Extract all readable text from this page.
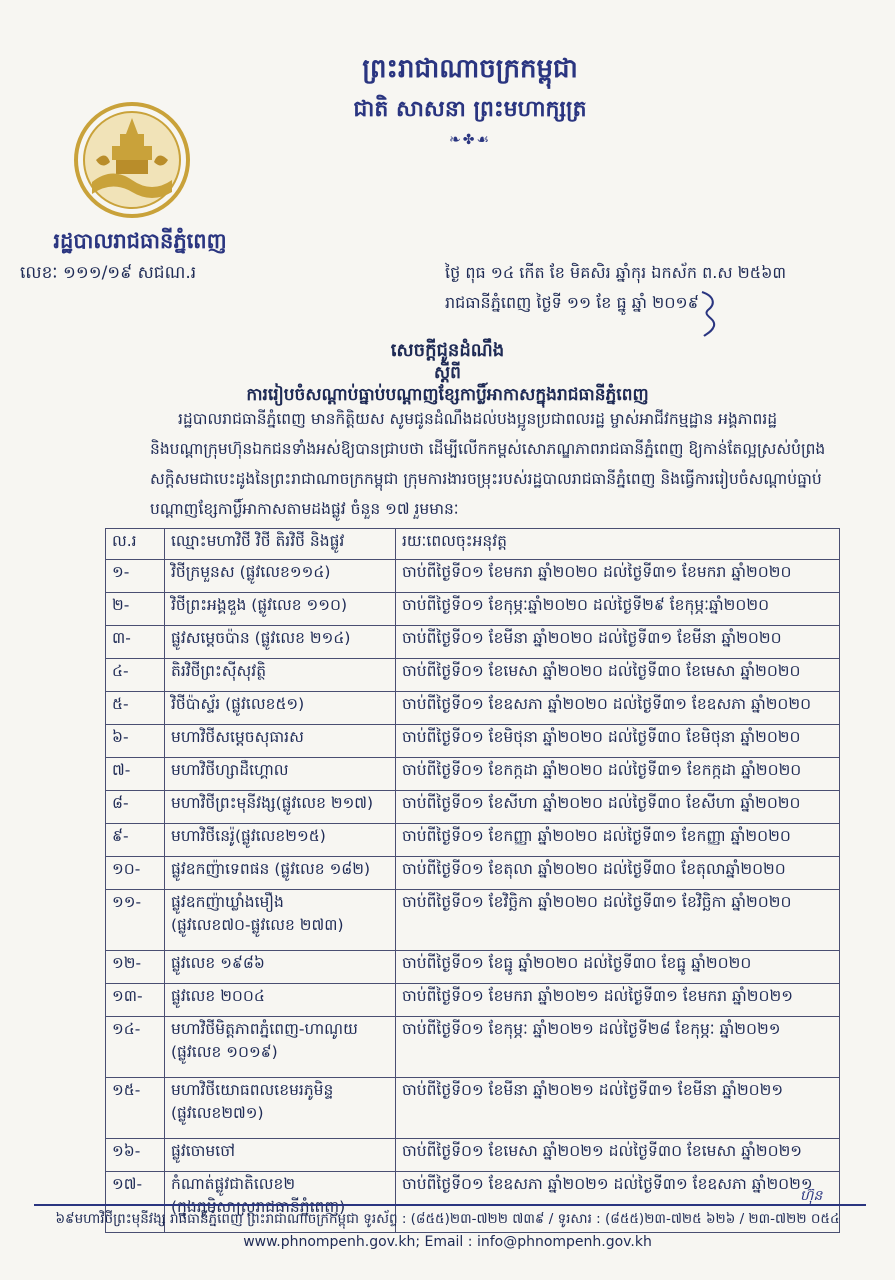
ព្រះរាជាណាចក្រកម្ពុជា
ជាតិ សាសនា ព្រះមហាក្សត្រ
❧✤☙
រដ្ឋបាលរាជធានីភ្នំពេញ
លេខៈ ១១១/១៩ សជណ.រ	ថ្ងៃ ពុធ ១៤ កើត ខែ មិគសិរ ឆ្នាំកុរ ឯកស័ក ព.ស ២៥៦៣
រាជធានីភ្នំពេញ ថ្ងៃទី ១១ ខែ ធ្នូ ឆ្នាំ ២០១៩
សេចក្តីជូនដំណឹង
ស្តីពី
ការរៀបចំសណ្តាប់ធ្នាប់បណ្តាញខ្សែកាប្លិ៍អាកាសក្នុងរាជធានីភ្នំពេញ
រដ្ឋបាលរាជធានីភ្នំពេញ មានកិត្តិយស សូមជូនដំណឹងដល់បងប្អូនប្រជាពលរដ្ឋ ម្ចាស់អាជីវកម្មដ្ឋាន អង្គភាពរដ្ឋ
និងបណ្តាក្រុមហ៊ុនឯកជនទាំងអស់ឱ្យបានជ្រាបថា ដើម្បីលើកកម្ពស់សោភណ្ឌភាពរាជធានីភ្នំពេញ ឱ្យកាន់តែល្អស្រស់បំព្រង
សក្តិសមជាបេះដូងនៃព្រះរាជាណាចក្រកម្ពុជា ក្រុមការងារចម្រុះរបស់រដ្ឋបាលរាជធានីភ្នំពេញ និងធ្វើការរៀបចំសណ្តាប់ធ្នាប់
បណ្តាញខ្សែកាប្លិ៍អាកាសតាមដងផ្លូវ ចំនួន ១៧ រួមមានៈ
ល.រ	ឈ្មោះមហាវិថី វិថី តិរវិថី និងផ្លូវ	រយៈពេលចុះអនុវត្ត
១-	វិថីក្រមួនស (ផ្លូវលេខ១១៤)	ចាប់ពីថ្ងៃទី០១ ខែមករា ឆ្នាំ២០២០ ដល់ថ្ងៃទី៣១ ខែមករា ឆ្នាំ២០២០
២-	វិថីព្រះអង្គឌួង (ផ្លូវលេខ ១១០)	ចាប់ពីថ្ងៃទី០១ ខែកុម្ភៈឆ្នាំ២០២០ ដល់ថ្ងៃទី២៩ ខែកុម្ភៈឆ្នាំ២០២០
៣-	ផ្លូវសម្តេចប៉ាន (ផ្លូវលេខ ២១៤)	ចាប់ពីថ្ងៃទី០១ ខែមីនា ឆ្នាំ២០២០ ដល់ថ្ងៃទី៣១ ខែមីនា ឆ្នាំ២០២០
៤-	តិរវិថីព្រះស៊ីសុវត្ថិ	ចាប់ពីថ្ងៃទី០១ ខែមេសា ឆ្នាំ២០២០ ដល់ថ្ងៃទី៣០ ខែមេសា ឆ្នាំ២០២០
៥-	វិថីប៉ាស្ទ័រ (ផ្លូវលេខ៥១)	ចាប់ពីថ្ងៃទី០១ ខែឧសភា ឆ្នាំ២០២០ ដល់ថ្ងៃទី៣១ ខែឧសភា ឆ្នាំ២០២០
៦-	មហាវិថីសម្តេចសុធារស	ចាប់ពីថ្ងៃទី០១ ខែមិថុនា ឆ្នាំ២០២០ ដល់ថ្ងៃទី៣០ ខែមិថុនា ឆ្នាំ២០២០
៧-	មហាវិថីហ្សាដឺហ្គោល	ចាប់ពីថ្ងៃទី០១ ខែកក្កដា ឆ្នាំ២០២០ ដល់ថ្ងៃទី៣១ ខែកក្កដា ឆ្នាំ២០២០
៨-	មហាវិថីព្រះមុនីវង្ស(ផ្លូវលេខ ២១៧)	ចាប់ពីថ្ងៃទី០១ ខែសីហា ឆ្នាំ២០២០ ដល់ថ្ងៃទី៣០ ខែសីហា ឆ្នាំ២០២០
៩-	មហាវិថីនេរ៉ូ(ផ្លូវលេខ២១៥)	ចាប់ពីថ្ងៃទី០១ ខែកញ្ញា ឆ្នាំ២០២០ ដល់ថ្ងៃទី៣១ ខែកញ្ញា ឆ្នាំ២០២០
១០-	ផ្លូវឧកញ៉ាទេពផន (ផ្លូវលេខ ១៨២)	ចាប់ពីថ្ងៃទី០១ ខែតុលា ឆ្នាំ២០២០ ដល់ថ្ងៃទី៣០ ខែតុលាឆ្នាំ២០២០
១១-	ផ្លូវឧកញ៉ាឃ្លាំងមឿង
(ផ្លូវលេខ៧០-ផ្លូវលេខ ២៧៣)	ចាប់ពីថ្ងៃទី០១ ខែវិច្ឆិកា ឆ្នាំ២០២០ ដល់ថ្ងៃទី៣១ ខែវិច្ឆិកា ឆ្នាំ២០២០
១២-	ផ្លូវលេខ ១៩៨៦	ចាប់ពីថ្ងៃទី០១ ខែធ្នូ ឆ្នាំ២០២០ ដល់ថ្ងៃទី៣០ ខែធ្នូ ឆ្នាំ២០២០
១៣-	ផ្លូវលេខ ២០០៤	ចាប់ពីថ្ងៃទី០១ ខែមករា ឆ្នាំ២០២១ ដល់ថ្ងៃទី៣១ ខែមករា ឆ្នាំ២០២១
១៤-	មហាវិថីមិត្តភាពភ្នំពេញ-ហាណូយ
(ផ្លូវលេខ ១០១៩)	ចាប់ពីថ្ងៃទី០១ ខែកុម្ភៈ ឆ្នាំ២០២១ ដល់ថ្ងៃទី២៨ ខែកុម្ភៈ ឆ្នាំ២០២១
១៥-	មហាវិថីយោធពលខេមរភូមិន្ទ
(ផ្លូវលេខ២៧១)	ចាប់ពីថ្ងៃទី០១ ខែមីនា ឆ្នាំ២០២១ ដល់ថ្ងៃទី៣១ ខែមីនា ឆ្នាំ២០២១
១៦-	ផ្លូវចោមចៅ	ចាប់ពីថ្ងៃទី០១ ខែមេសា ឆ្នាំ២០២១ ដល់ថ្ងៃទី៣០ ខែមេសា ឆ្នាំ២០២១
១៧-	កំណាត់ផ្លូវជាតិលេខ២
(ក្នុងភូមិសាស្រ្តរាជធានីភ្នំពេញ)	ចាប់ពីថ្ងៃទី០១ ខែឧសភា ឆ្នាំ២០២១ ដល់ថ្ងៃទី៣១ ខែឧសភា ឆ្នាំ២០២១
ហ៊ុន
៦៩មហាវិថីព្រះមុនីវង្ស រាជធានីភ្នំពេញ ព្រះរាជាណាចក្រកម្ពុជា ទូរស័ព្ទ : (៨៥៥)២៣-៧២២ ៧៣៩ / ទូរសារ : (៨៥៥)២៣-៧២៥ ៦២៦ / ២៣-៧២២ ០៥៤
www.phnompenh.gov.kh; Email : info@phnompenh.gov.kh
